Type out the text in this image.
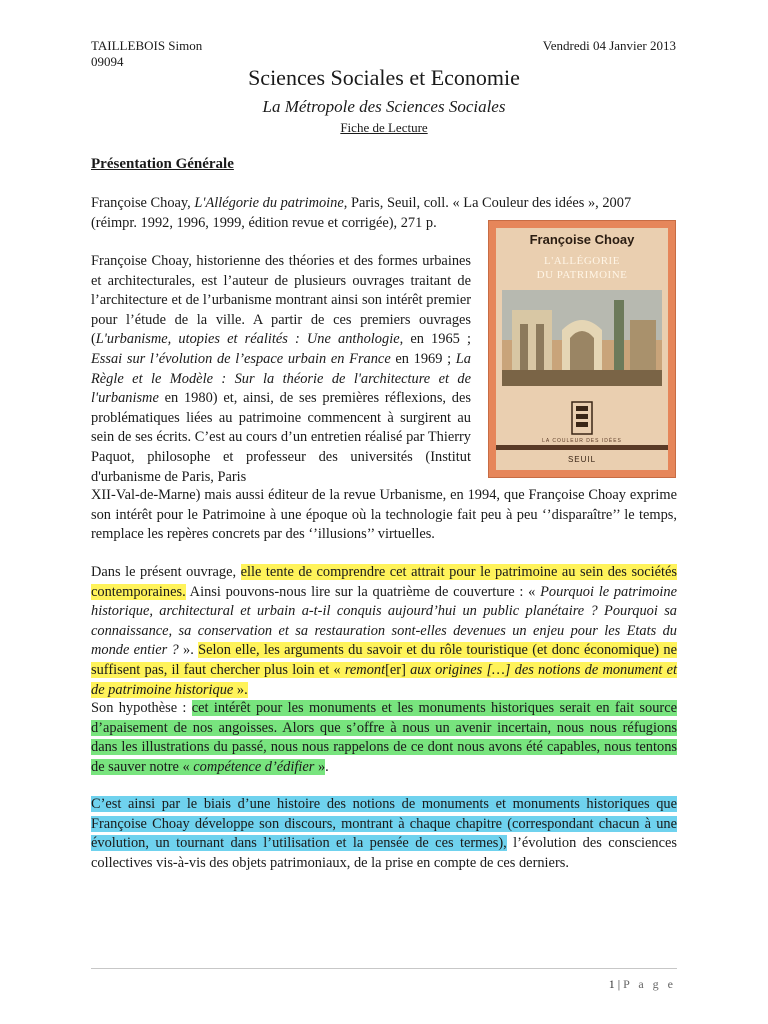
TAILLEBOIS Simon
09094
Vendredi 04 Janvier 2013
Sciences Sociales et Economie
La Métropole des Sciences Sociales
Fiche de Lecture
Présentation Générale

Françoise Choay, L'Allégorie du patrimoine, Paris, Seuil, coll. « La Couleur des idées », 2007
(réimpr. 1992, 1996, 1999, édition revue et corrigée), 271 p.

Françoise Choay, historienne des théories et des formes urbaines et architecturales, est l’auteur de plusieurs ouvrages traitant de l’architecture et de l’urbanisme montrant ainsi son intérêt premier pour l’étude de la ville. A partir de ces premiers ouvrages (L'urbanisme, utopies et réalités : Une anthologie, en 1965 ; Essai sur l’évolution de l’espace urbain en France en 1969 ; La Règle et le Modèle : Sur la théorie de l'architecture et de l'urbanisme en 1980) et, ainsi, de ses premières réflexions, des problématiques liées au patrimoine commencent à surgirent au sein de ses écrits. C’est au cours d’un entretien réalisé par Thierry Paquot, philosophe et professeur des universités (Institut d'urbanisme de Paris, Paris

XII-Val-de-Marne) mais aussi éditeur de la revue Urbanisme, en 1994, que Françoise Choay exprime son intérêt pour le Patrimoine à une époque où la technologie fait peu à peu ‘’disparaître’’ le temps, remplace les repères concrets par des ‘’illusions’’ virtuelles.

Françoise Choay
L'ALLÉGORIE
DU PATRIMOINE
LA COULEUR DES IDÉES
SEUIL

Dans le présent ouvrage, elle tente de comprendre cet attrait pour le patrimoine au sein des sociétés contemporaines. Ainsi pouvons-nous lire sur la quatrième de couverture : « Pourquoi le patrimoine historique, architectural et urbain a-t-il conquis aujourd’hui un public planétaire ? Pourquoi sa connaissance, sa conservation et sa restauration sont-elles devenues un enjeu pour les Etats du monde entier ? ». Selon elle, les arguments du savoir et du rôle touristique (et donc économique) ne suffisent pas, il faut chercher plus loin et « remont[er] aux origines […] des notions de monument et de patrimoine historique ».

Son hypothèse : cet intérêt pour les monuments et les monuments historiques serait en fait source d’apaisement de nos angoisses. Alors que s’offre à nous un avenir incertain, nous nous réfugions dans les illustrations du passé, nous nous rappelons de ce dont nous avons été capables, nous tentons de sauver notre « compétence d’édifier ».

C’est ainsi par le biais d’une histoire des notions de monuments et monuments historiques que Françoise Choay développe son discours, montrant à chaque chapitre (correspondant chacun à une évolution, un tournant dans l’utilisation et la pensée de ces termes), l’évolution des consciences collectives vis-à-vis des objets patrimoniaux, de la prise en compte de ces derniers.

1 | P a g e
